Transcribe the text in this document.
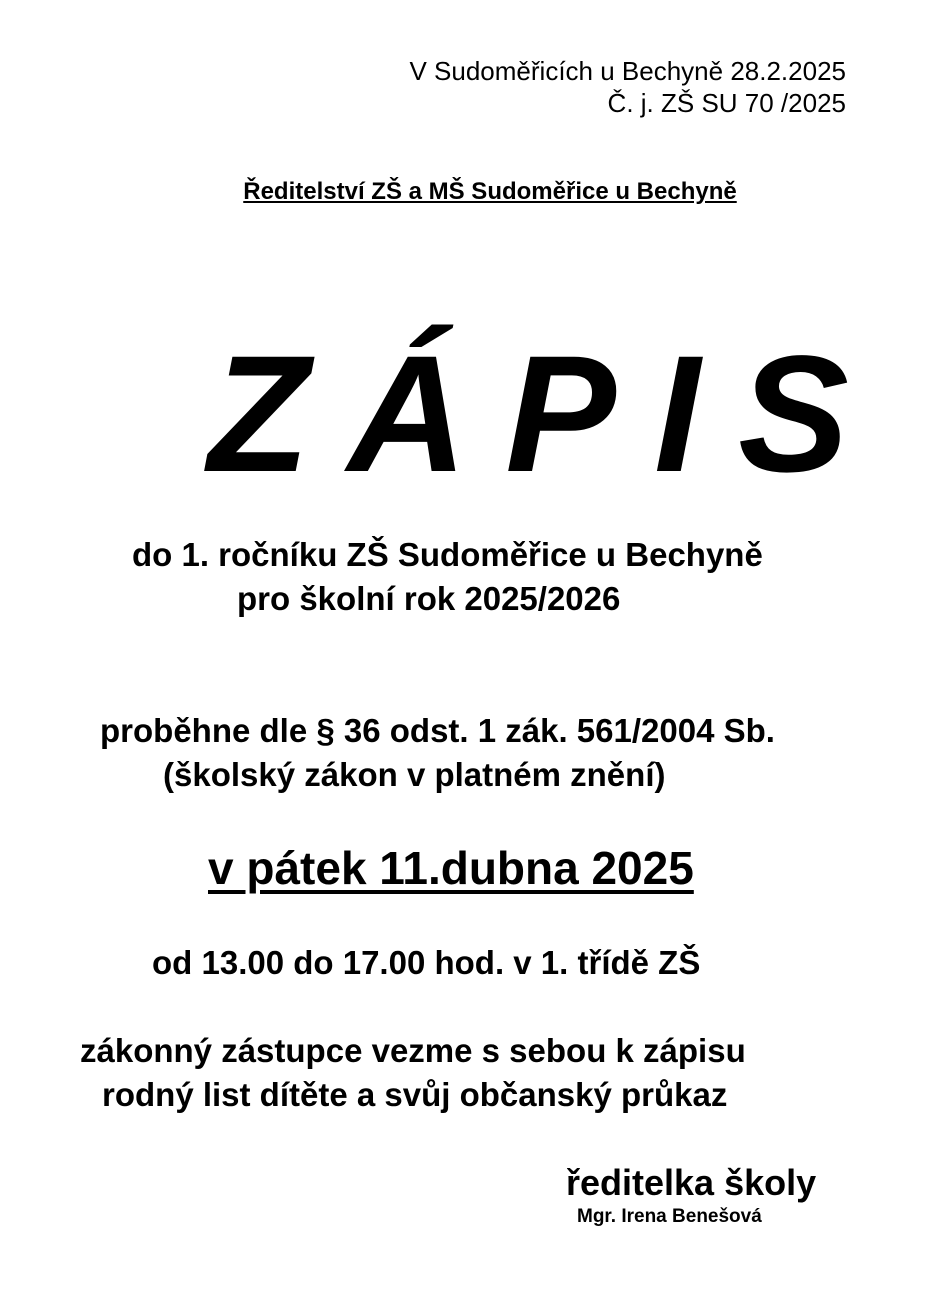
V Sudoměřicích u Bechyně 28.2.2025
Č. j. ZŠ SU 70 /2025
Ředitelství ZŠ a MŠ Sudoměřice u Bechyně
ZÁPIS
do 1. ročníku ZŠ Sudoměřice u Bechyně
pro školní rok 2025/2026
proběhne dle § 36 odst. 1 zák. 561/2004 Sb.
(školský zákon v platném znění)
v pátek 11.dubna 2025
od 13.00 do 17.00 hod. v 1. třídě ZŠ
zákonný zástupce vezme s sebou k zápisu
rodný list dítěte a svůj občanský průkaz
ředitelka školy
Mgr. Irena Benešová
